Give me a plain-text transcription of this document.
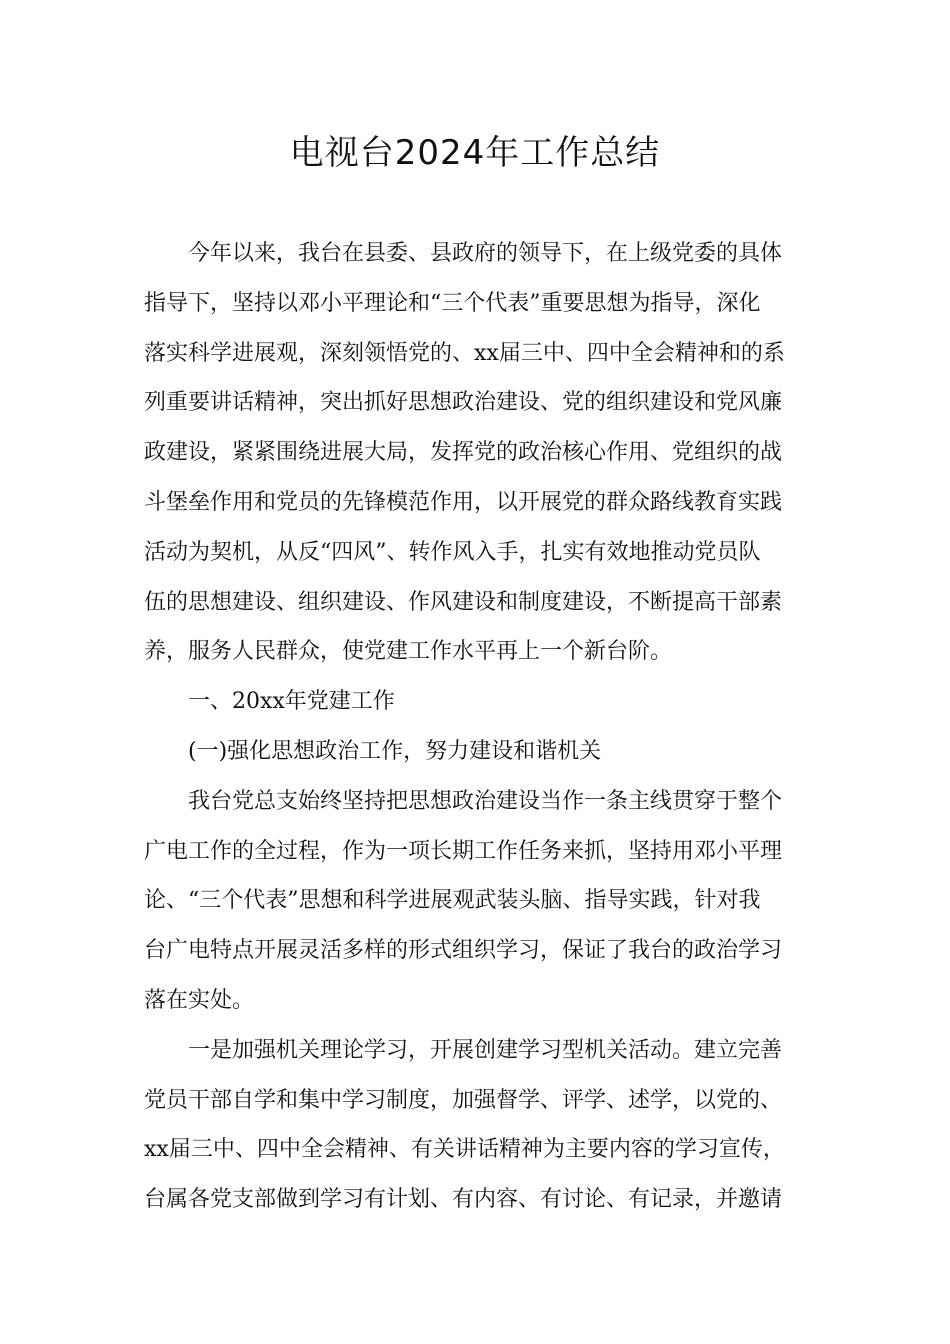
电视台2024年工作总结
今年以来，我台在县委、县政府的领导下，在上级党委的具体
指导下，坚持以邓小平理论和“三个代表”重要思想为指导，深化
落实科学进展观，深刻领悟党的、xx届三中、四中全会精神和的系
列重要讲话精神，突出抓好思想政治建设、党的组织建设和党风廉
政建设，紧紧围绕进展大局，发挥党的政治核心作用、党组织的战
斗堡垒作用和党员的先锋模范作用，以开展党的群众路线教育实践
活动为契机，从反“四风”、转作风入手，扎实有效地推动党员队
伍的思想建设、组织建设、作风建设和制度建设，不断提高干部素
养，服务人民群众，使党建工作水平再上一个新台阶。
一、20xx年党建工作
(一)强化思想政治工作，努力建设和谐机关
我台党总支始终坚持把思想政治建设当作一条主线贯穿于整个
广电工作的全过程，作为一项长期工作任务来抓，坚持用邓小平理
论、“三个代表”思想和科学进展观武装头脑、指导实践，针对我
台广电特点开展灵活多样的形式组织学习，保证了我台的政治学习
落在实处。
一是加强机关理论学习，开展创建学习型机关活动。建立完善
党员干部自学和集中学习制度，加强督学、评学、述学，以党的、
xx届三中、四中全会精神、有关讲话精神为主要内容的学习宣传，
台属各党支部做到学习有计划、有内容、有讨论、有记录，并邀请
